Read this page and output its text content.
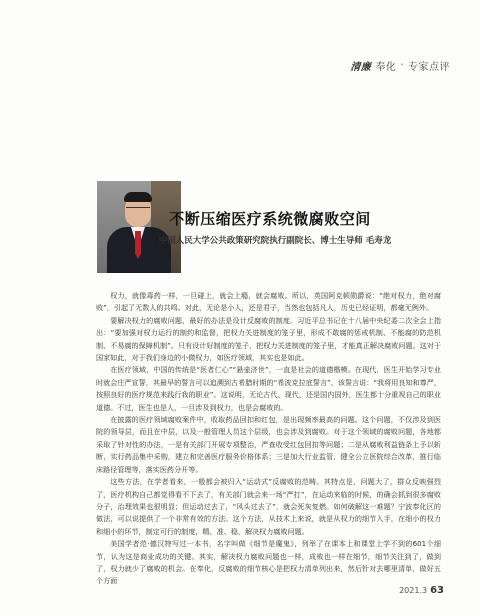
清廉 奉化 · 专家点评
不断压缩医疗系统微腐败空间
中国人民大学公共政策研究院执行副院长、博士生导师 毛寿龙

权力，就像毒药一样，一旦碰上，就会上瘾，就会腐败。所以，英国阿克顿勋爵说：“绝对权力，绝对腐败”，引起了无数人的共鸣。对此，无论是小人，还是君子，当然也包括凡人，历史已经证明，都毫无例外。

要解决权力的腐败问题，最好的办法是设计反腐败的制度。习近平总书记在十八届中央纪委二次全会上指出：“要加强对权力运行的制约和监督，把权力关进制度的笼子里，形成不敢腐的惩戒机制、不能腐的防范机制、不易腐的保障机制”。只有设计好制度的笼子，把权力关进制度的笼子里，才能真正解决腐败问题。这对于国家如此，对于我们身边的小微权力，如医疗领域，其实也是如此。

在医疗领域，中国的传统是“医者仁心”“悬壶济世”，一直是社会的道德楷模。在现代，医生开始学习专业时就会庄严宣誓，其最早的誓言可以追溯到古希腊时期的“希波克拉底誓言”，该誓言说：“我将用良知和尊严，按照良好的医疗规范来践行我的职业”。这说明，无论古代、现代，还是国内国外，医生都十分重视自己的职业道德。不过，医生也是人，一旦涉及到权力，也是会腐败的。

在披露的医疗领域腐败案件中，收取药品回扣和红包，是出现频率最高的问题。这个问题，不仅涉及到医院的领导层，而且在中层，以及一般管理人员这个层级，也会涉及到腐败。对于这个领域的腐败问题，各地都采取了针对性的办法，一是有关部门开展专项整治，严查收受红包回扣等问题；二是从腐败利益链条上予以斩断，实行药品集中采购，建立和完善医疗服务价格体系；三是加大行业监管，健全公立医院综合改革，推行临床路径管理等，落实医药分开等。

这些方法，在学者看来，一般都会被归入“运动式”反腐败的范畴。其特点是，问题大了，群众反映强烈了，医疗机构自己都觉得看不下去了，有关部门就会来一场“严打”，在运动来临的时候，的确会抓到很多腐败分子，治理效果也很明显；但运动过去了，“风头过去了”，就会死灰复燃。如何破解这一难题？宁波奉化区的做法，可以说提供了一个非常有效的方法。这个方法，从技术上来说，就是从权力的细节入手，在细小的权力和细小的环节，制定可行的制度，精、准、稳，解决权力腐败问题。

美国学者范·德汉特写过一本书，名字叫做《细节是魔鬼》，列举了在课本上和课堂上学不到的601个细节，认为这是商业成功的关键。其实，解决权力腐败问题也一样，成败也一样在细节，细节关注到了，做到了，权力就少了腐败的机会。在奉化，反腐败的细节核心是把权力清单列出来，然后针对去哪里清单，做好五个方面

2021.3 63
